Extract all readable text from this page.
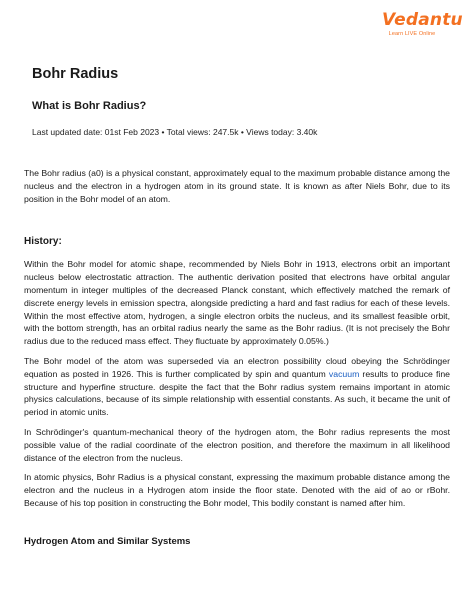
Vedantu
Learn LIVE Online
Bohr Radius
What is Bohr Radius?
Last updated date: 01st Feb 2023 • Total views: 247.5k • Views today: 3.40k

The Bohr radius (a0) is a physical constant, approximately equal to the maximum probable distance among the nucleus and the electron in a hydrogen atom in its ground state. It is known as after Niels Bohr, due to its position in the Bohr model of an atom.

History:

Within the Bohr model for atomic shape, recommended by Niels Bohr in 1913, electrons orbit an important nucleus below electrostatic attraction. The authentic derivation posited that electrons have orbital angular momentum in integer multiples of the decreased Planck constant, which effectively matched the remark of discrete energy levels in emission spectra, alongside predicting a hard and fast radius for each of these levels. Within the most effective atom, hydrogen, a single electron orbits the nucleus, and its smallest feasible orbit, with the bottom strength, has an orbital radius nearly the same as the Bohr radius. (It is not precisely the Bohr radius due to the reduced mass effect. They fluctuate by approximately 0.05%.)

The Bohr model of the atom was superseded via an electron possibility cloud obeying the Schrödinger equation as posted in 1926. This is further complicated by spin and quantum vacuum results to produce fine structure and hyperfine structure. despite the fact that the Bohr radius system remains important in atomic physics calculations, because of its simple relationship with essential constants. As such, it became the unit of period in atomic units.

In Schrödinger's quantum-mechanical theory of the hydrogen atom, the Bohr radius represents the most possible value of the radial coordinate of the electron position, and therefore the maximum in all likelihood distance of the electron from the nucleus.

In atomic physics, Bohr Radius is a physical constant, expressing the maximum probable distance among the electron and the nucleus in a Hydrogen atom inside the floor state. Denoted with the aid of ao or rBohr. Because of his top position in constructing the Bohr model, This bodily constant is named after him.

Hydrogen Atom and Similar Systems
